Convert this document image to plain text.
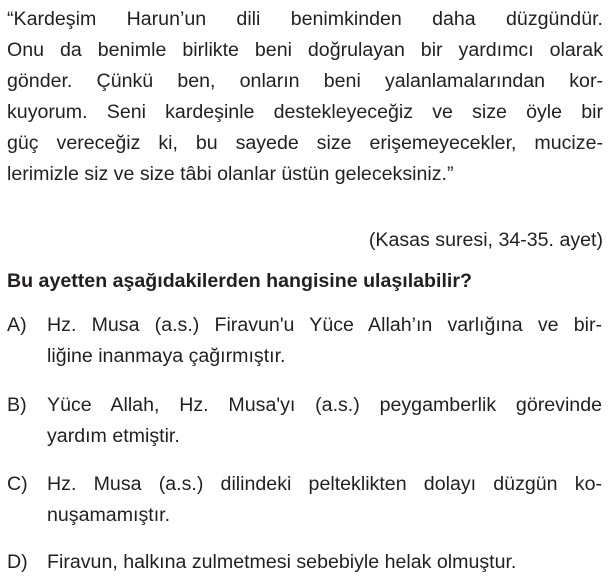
“Kardeşim Harun’un dili benimkinden daha düzgündür.
Onu da benimle birlikte beni doğrulayan bir yardımcı olarak
gönder. Çünkü ben, onların beni yalanlamalarından kor-
kuyorum. Seni kardeşinle destekleyeceğiz ve size öyle bir
güç vereceğiz ki, bu sayede size erişemeyecekler, mucize-
lerimizle siz ve size tâbi olanlar üstün geleceksiniz.”
(Kasas suresi, 34-35. ayet)
Bu ayetten aşağıdakilerden hangisine ulaşılabilir?
A) Hz. Musa (a.s.) Firavun'u Yüce Allah’ın varlığına ve bir-
liğine inanmaya çağırmıştır.
B) Yüce Allah, Hz. Musa'yı (a.s.) peygamberlik görevinde
yardım etmiştir.
C) Hz. Musa (a.s.) dilindeki pelteklikten dolayı düzgün ko-
nuşamamıştır.
D) Firavun, halkına zulmetmesi sebebiyle helak olmuştur.
